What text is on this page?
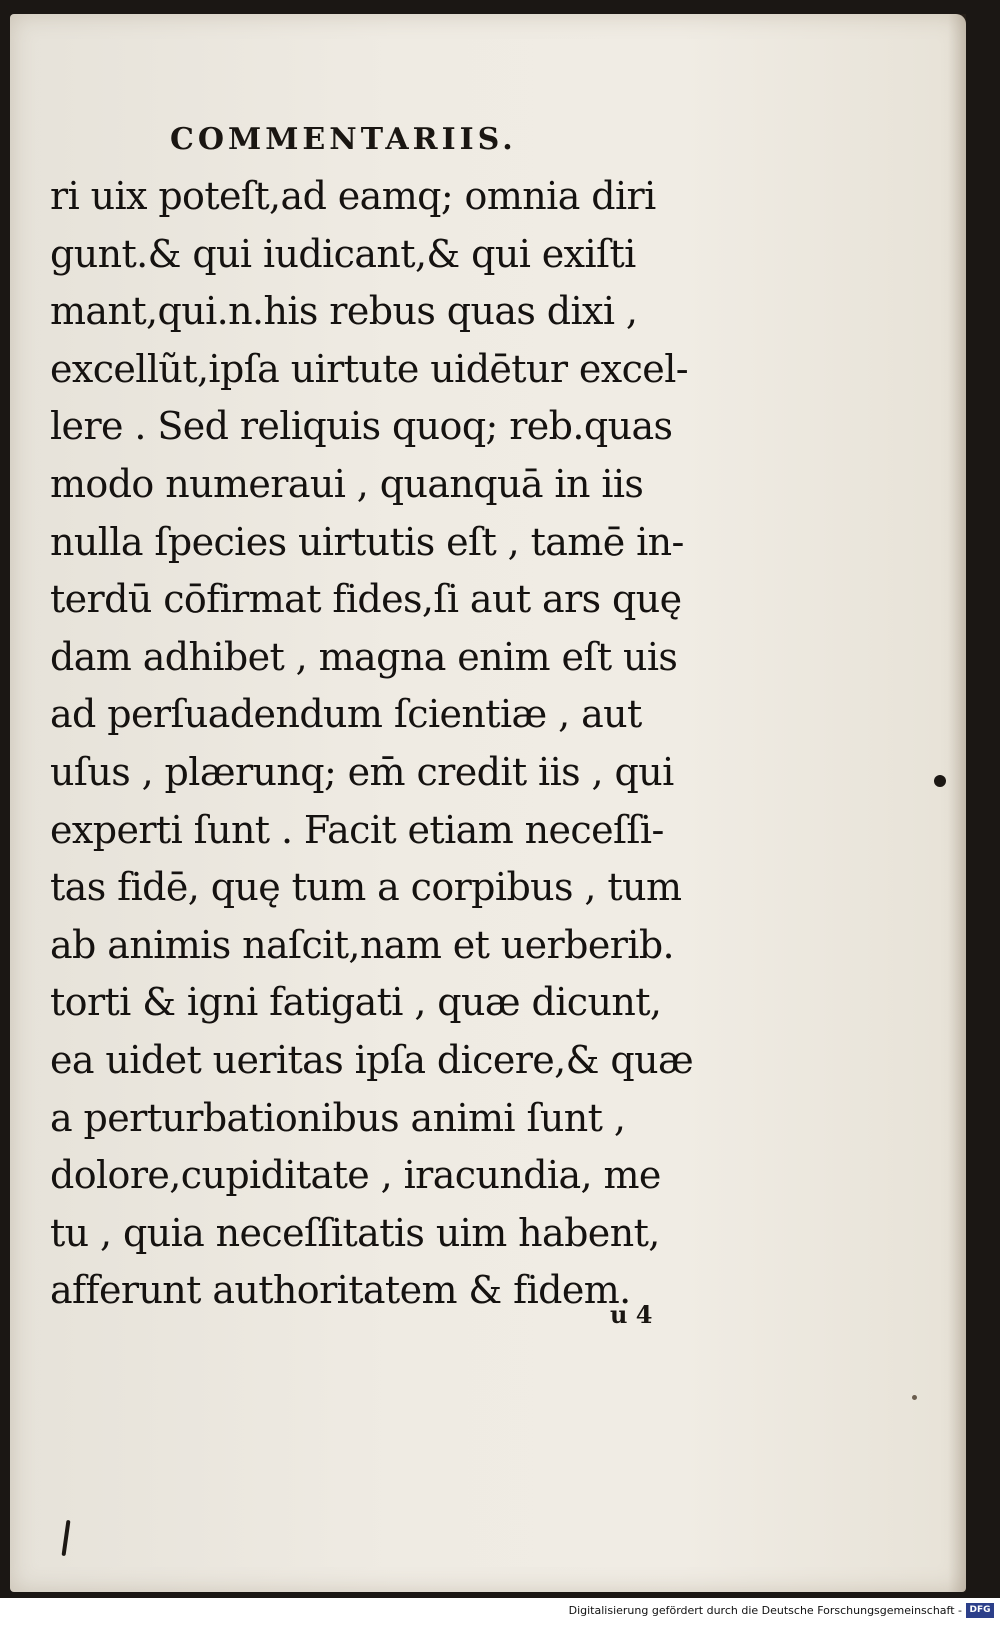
COMMENTARIIS.
ri uix poteſt,ad eamq; omnia diri
gunt.& qui iudicant,& qui exiſti
mant,qui.n.his rebus quas dixi ,
excellũt,ipſa uirtute uidētur excel-
lere . Sed reliquis quoq; reb.quas
modo numeraui , quanquā in iis
nulla ſpecies uirtutis eſt , tamē in-
terdū cōfirmat fides,ſi aut ars quę
dam adhibet , magna enim eſt uis
ad perſuadendum ſcientiæ , aut
uſus , plærunq; em̄ credit iis , qui
experti ſunt . Facit etiam neceſſi-
tas fidē, quę tum a corpibus , tum
ab animis naſcit,nam et uerberib.
torti & igni fatigati , quæ dicunt,
ea uidet ueritas ipſa dicere,& quæ
a perturbationibus animi ſunt ,
dolore,cupiditate , iracundia, me
tu , quia neceſſitatis uim habent,
afferunt authoritatem & fidem.
u 4
Digitalisierung gefördert durch die Deutsche Forschungsgemeinschaft - DFG
